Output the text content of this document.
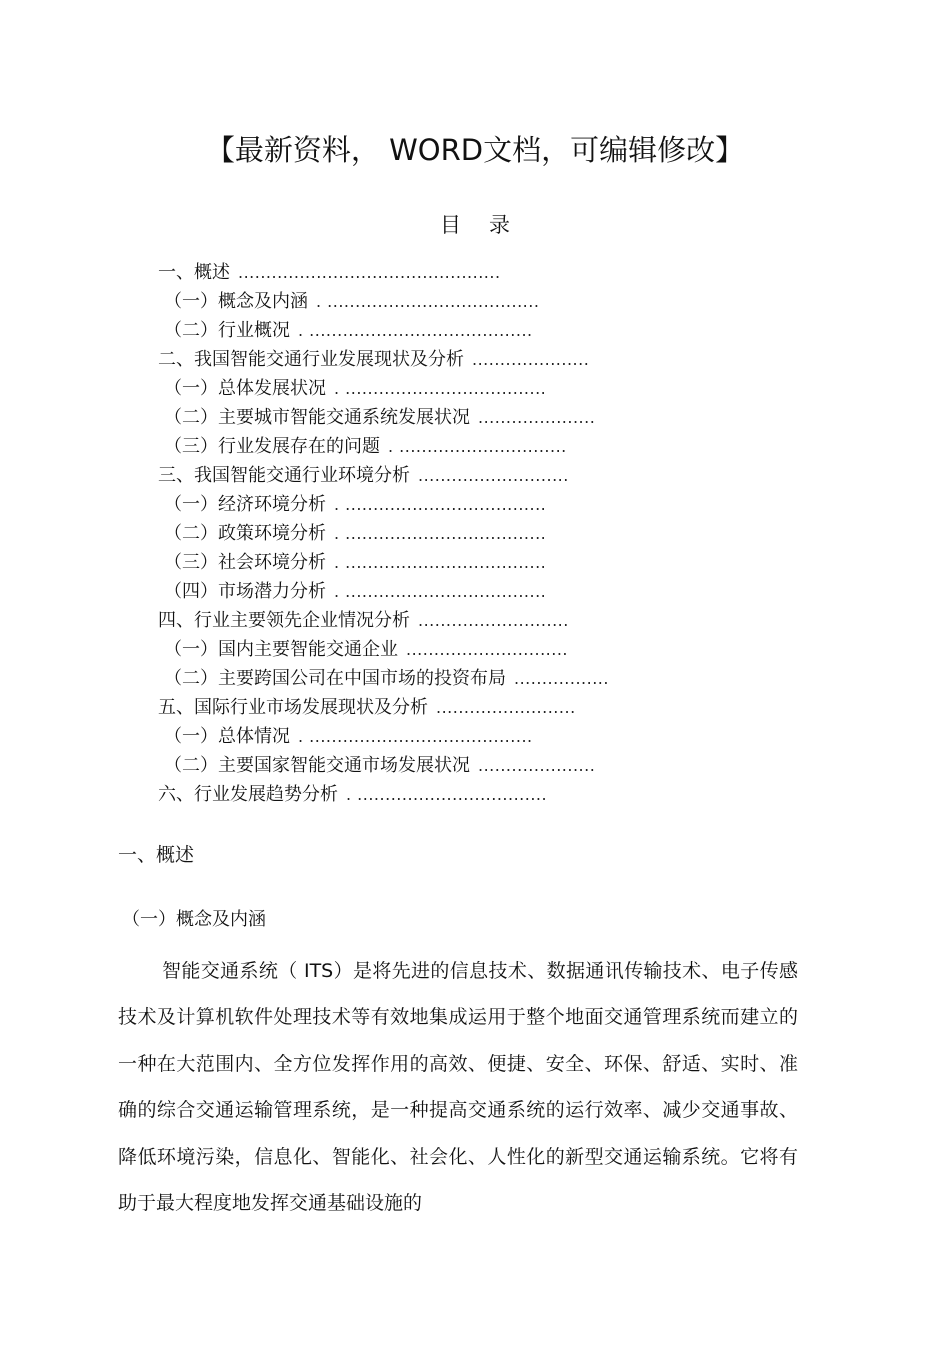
【最新资料， WORD文档，可编辑修改】
目录
一、概述 ...............................................
（一）概念及内涵 . ......................................
（二）行业概况 . ........................................
二、我国智能交通行业发展现状及分析 .....................
（一）总体发展状况 . ....................................
（二）主要城市智能交通系统发展状况 .....................
（三）行业发展存在的问题 . ..............................
三、我国智能交通行业环境分析 ...........................
（一）经济环境分析 . ....................................
（二）政策环境分析 . ....................................
（三）社会环境分析 . ....................................
（四）市场潜力分析 . ....................................
四、行业主要领先企业情况分析 ...........................
（一）国内主要智能交通企业 .............................
（二）主要跨国公司在中国市场的投资布局 .................
五、国际行业市场发展现状及分析 .........................
（一）总体情况 . ........................................
（二）主要国家智能交通市场发展状况 .....................
六、行业发展趋势分析 . ..................................
一、概述
（一）概念及内涵

智能交通系统（ ITS）是将先进的信息技术、数据通讯传输技术、电子传感技术及计算机软件处理技术等有效地集成运用于整个地面交通管理系统而建立的一种在大范围内、全方位发挥作用的高效、便捷、安全、环保、舒适、实时、准确的综合交通运输管理系统，是一种提高交通系统的运行效率、减少交通事故、降低环境污染，信息化、智能化、社会化、人性化的新型交通运输系统。它将有助于最大程度地发挥交通基础设施的
